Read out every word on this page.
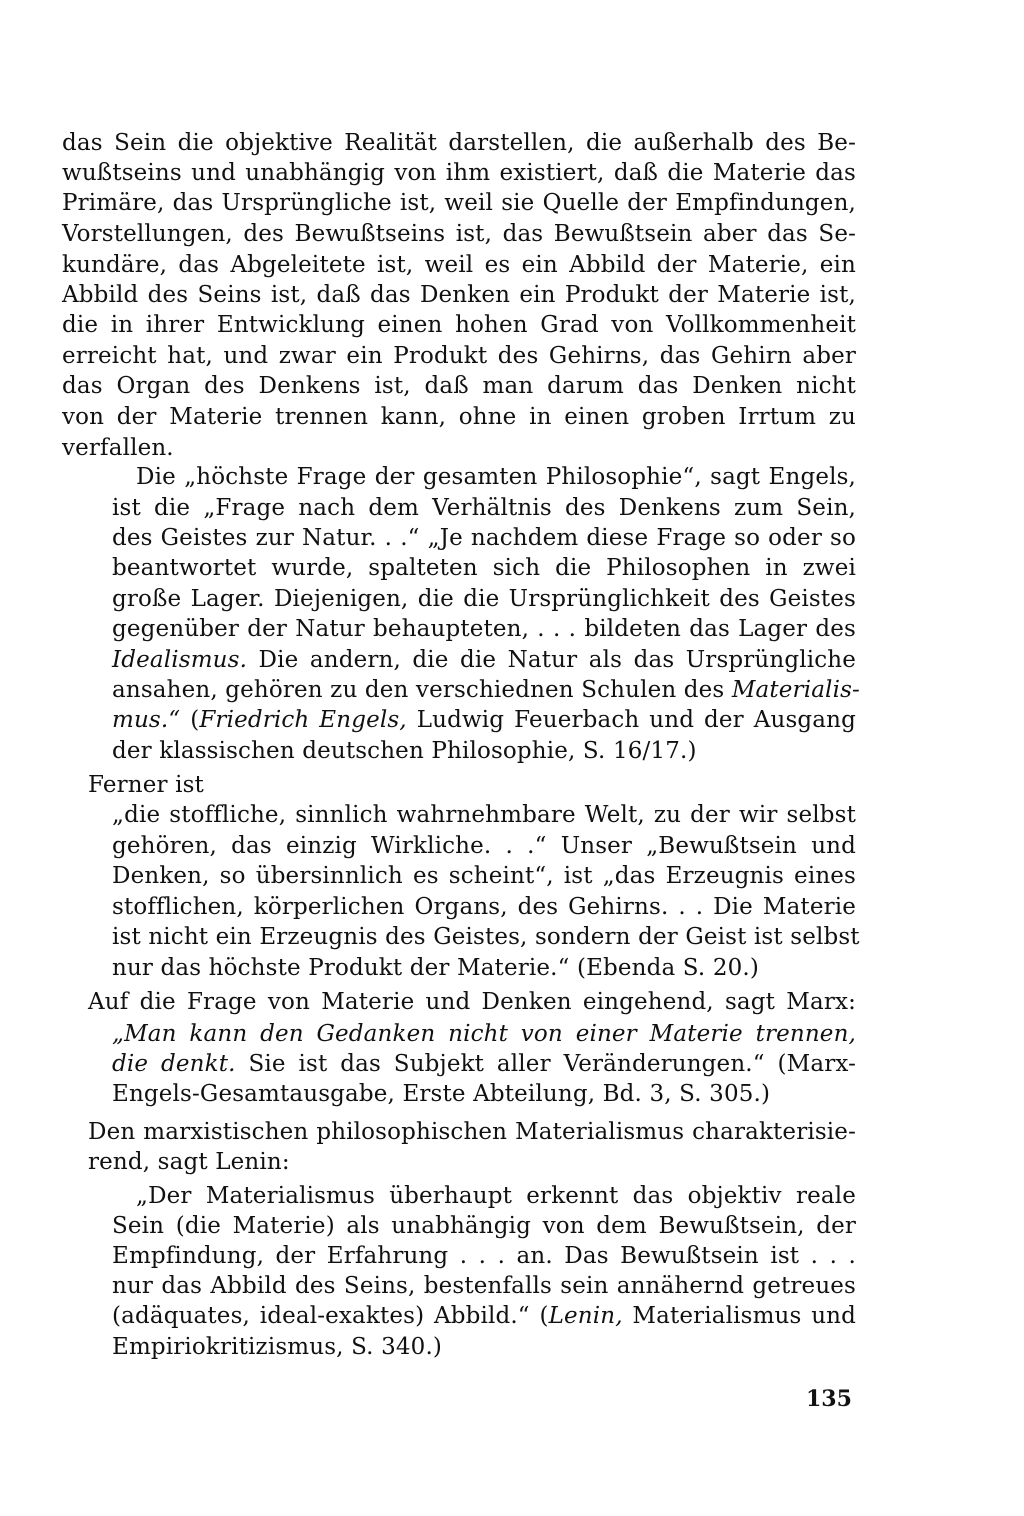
das Sein die objektive Realität darstellen, die außerhalb des Be-
wußtseins und unabhängig von ihm existiert, daß die Materie das
Primäre, das Ursprüngliche ist, weil sie Quelle der Empfindungen,
Vorstellungen, des Bewußtseins ist, das Bewußtsein aber das Se-
kundäre, das Abgeleitete ist, weil es ein Abbild der Materie, ein
Abbild des Seins ist, daß das Denken ein Produkt der Materie ist,
die in ihrer Entwicklung einen hohen Grad von Vollkommenheit
erreicht hat, und zwar ein Produkt des Gehirns, das Gehirn aber
das Organ des Denkens ist, daß man darum das Denken nicht
von der Materie trennen kann, ohne in einen groben Irrtum zu
verfallen.
Die „höchste Frage der gesamten Philosophie“, sagt Engels,
ist die „Frage nach dem Verhältnis des Denkens zum Sein,
des Geistes zur Natur. . .“ „Je nachdem diese Frage so oder so
beantwortet wurde, spalteten sich die Philosophen in zwei
große Lager. Diejenigen, die die Ursprünglichkeit des Geistes
gegenüber der Natur behaupteten, . . . bildeten das Lager des
Idealismus. Die andern, die die Natur als das Ursprüngliche
ansahen, gehören zu den verschiednen Schulen des Materialis-
mus.“ (Friedrich Engels, Ludwig Feuerbach und der Ausgang
der klassischen deutschen Philosophie, S. 16/17.)
Ferner ist
„die stoffliche, sinnlich wahrnehmbare Welt, zu der wir selbst
gehören, das einzig Wirkliche. . .“ Unser „Bewußtsein und
Denken, so übersinnlich es scheint“, ist „das Erzeugnis eines
stofflichen, körperlichen Organs, des Gehirns. . . Die Materie
ist nicht ein Erzeugnis des Geistes, sondern der Geist ist selbst
nur das höchste Produkt der Materie.“ (Ebenda S. 20.)
Auf die Frage von Materie und Denken eingehend, sagt Marx:
„Man kann den Gedanken nicht von einer Materie trennen,
die denkt. Sie ist das Subjekt aller Veränderungen.“ (Marx-
Engels-Gesamtausgabe, Erste Abteilung, Bd. 3, S. 305.)
Den marxistischen philosophischen Materialismus charakterisie-
rend, sagt Lenin:
„Der Materialismus überhaupt erkennt das objektiv reale
Sein (die Materie) als unabhängig von dem Bewußtsein, der
Empfindung, der Erfahrung . . . an. Das Bewußtsein ist . . .
nur das Abbild des Seins, bestenfalls sein annähernd getreues
(adäquates, ideal-exaktes) Abbild.“ (Lenin, Materialismus und
Empiriokritizismus, S. 340.)
135
